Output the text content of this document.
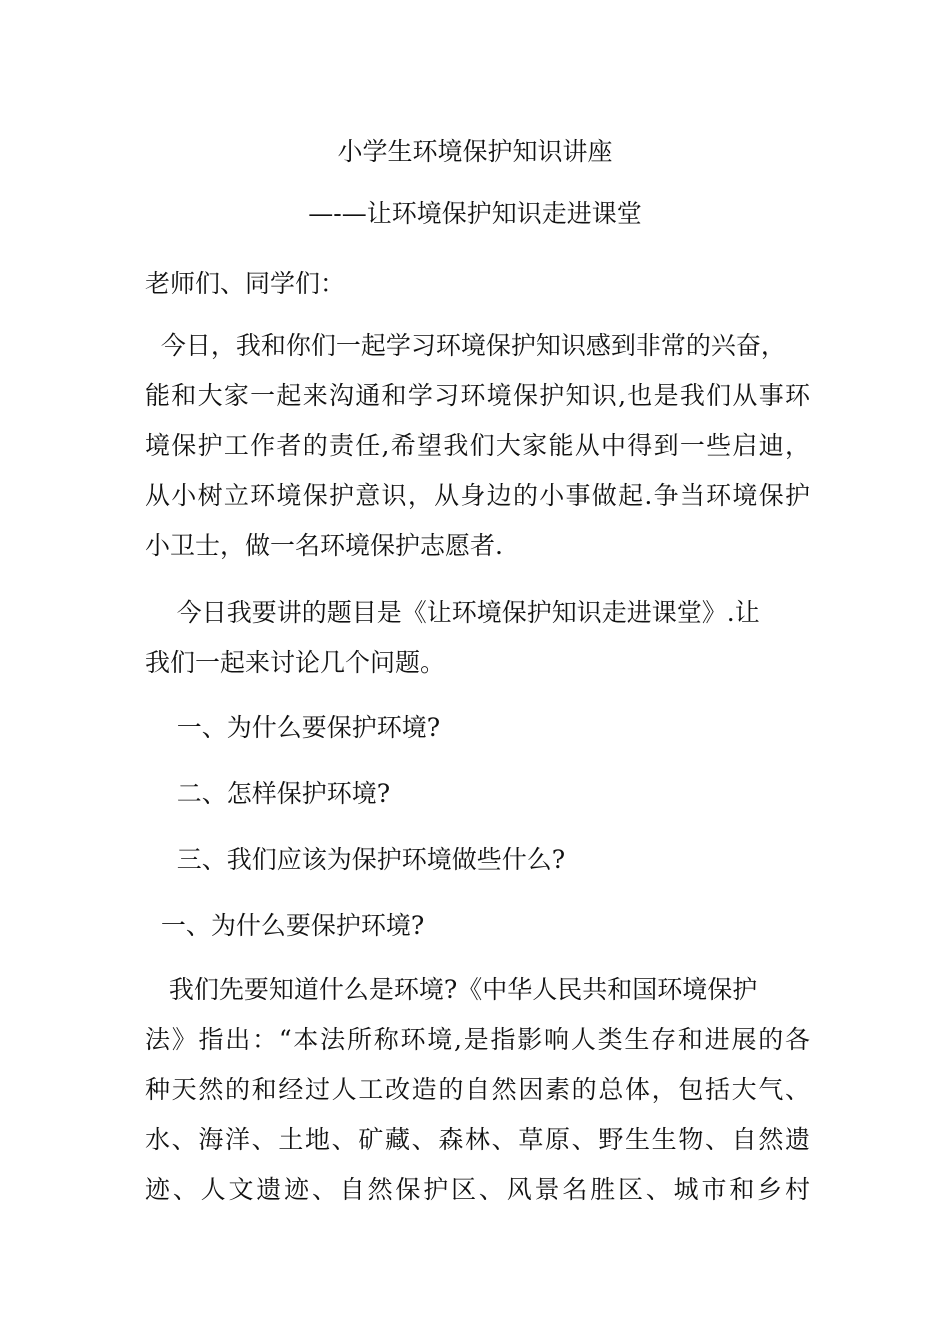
小学生环境保护知识讲座
—-—让环境保护知识走进课堂
老师们、同学们：
今日，我和你们一起学习环境保护知识感到非常的兴奋，
能和大家一起来沟通和学习环境保护知识,也是我们从事环
境保护工作者的责任,希望我们大家能从中得到一些启迪，
从小树立环境保护意识，从身边的小事做起.争当环境保护
小卫士，做一名环境保护志愿者.
今日我要讲的题目是《让环境保护知识走进课堂》.让
我们一起来讨论几个问题。
一、为什么要保护环境?
二、怎样保护环境?
三、我们应该为保护环境做些什么?
一、为什么要保护环境?
我们先要知道什么是环境?《中华人民共和国环境保护
法》指出：“本法所称环境,是指影响人类生存和进展的各
种天然的和经过人工改造的自然因素的总体，包括大气、
水、海洋、土地、矿藏、森林、草原、野生生物、自然遗
迹、人文遗迹、自然保护区、风景名胜区、城市和乡村
